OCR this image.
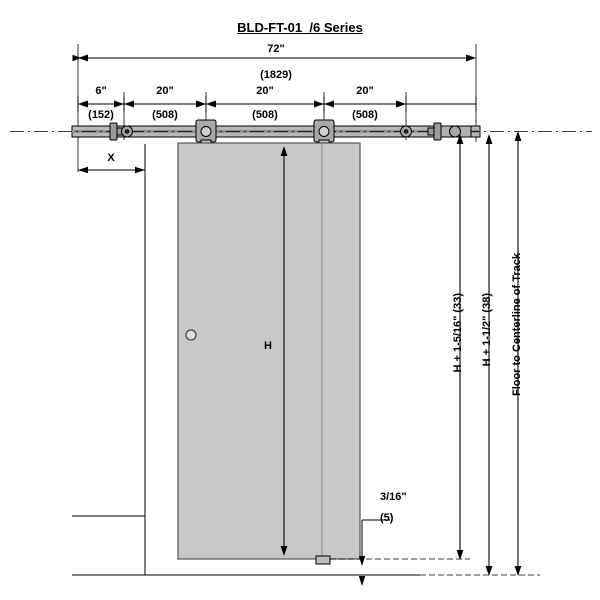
BLD-FT-01_/6 Series
72"
(1829)
6"
(152)
20"
(508)
20"
(508)
20"
(508)
X
H
3/16"
(5)
H + 1-5/16" (33) H + 1-1/2" (38) Floor to Centerline of Track
